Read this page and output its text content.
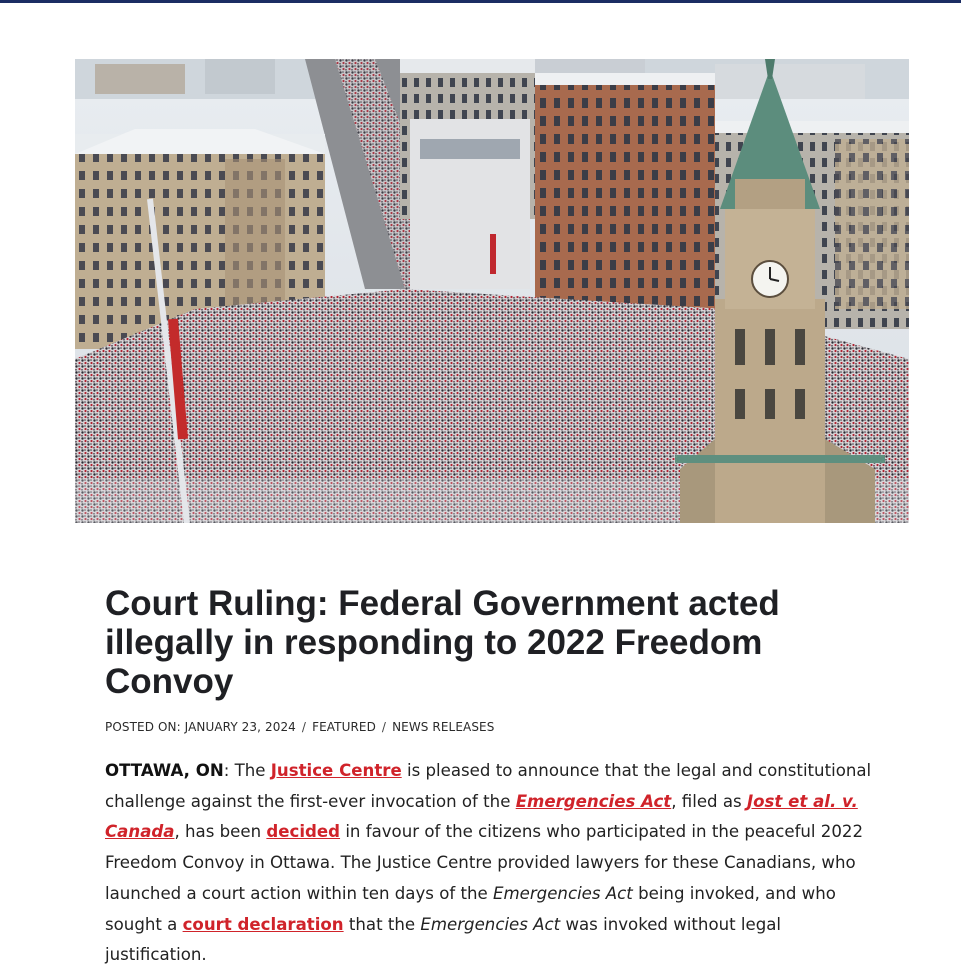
Court Ruling: Federal Government acted illegally in responding to 2022 Freedom Convoy

POSTED ON: JANUARY 23, 2024 / FEATURED / NEWS RELEASES

OTTAWA, ON: The Justice Centre is pleased to announce that the legal and constitutional challenge against the first-ever invocation of the Emergencies Act, filed as Jost et al. v. Canada, has been decided in favour of the citizens who participated in the peaceful 2022 Freedom Convoy in Ottawa. The Justice Centre provided lawyers for these Canadians, who launched a court action within ten days of the Emergencies Act being invoked, and who sought a court declaration that the Emergencies Act was invoked without legal justification.
